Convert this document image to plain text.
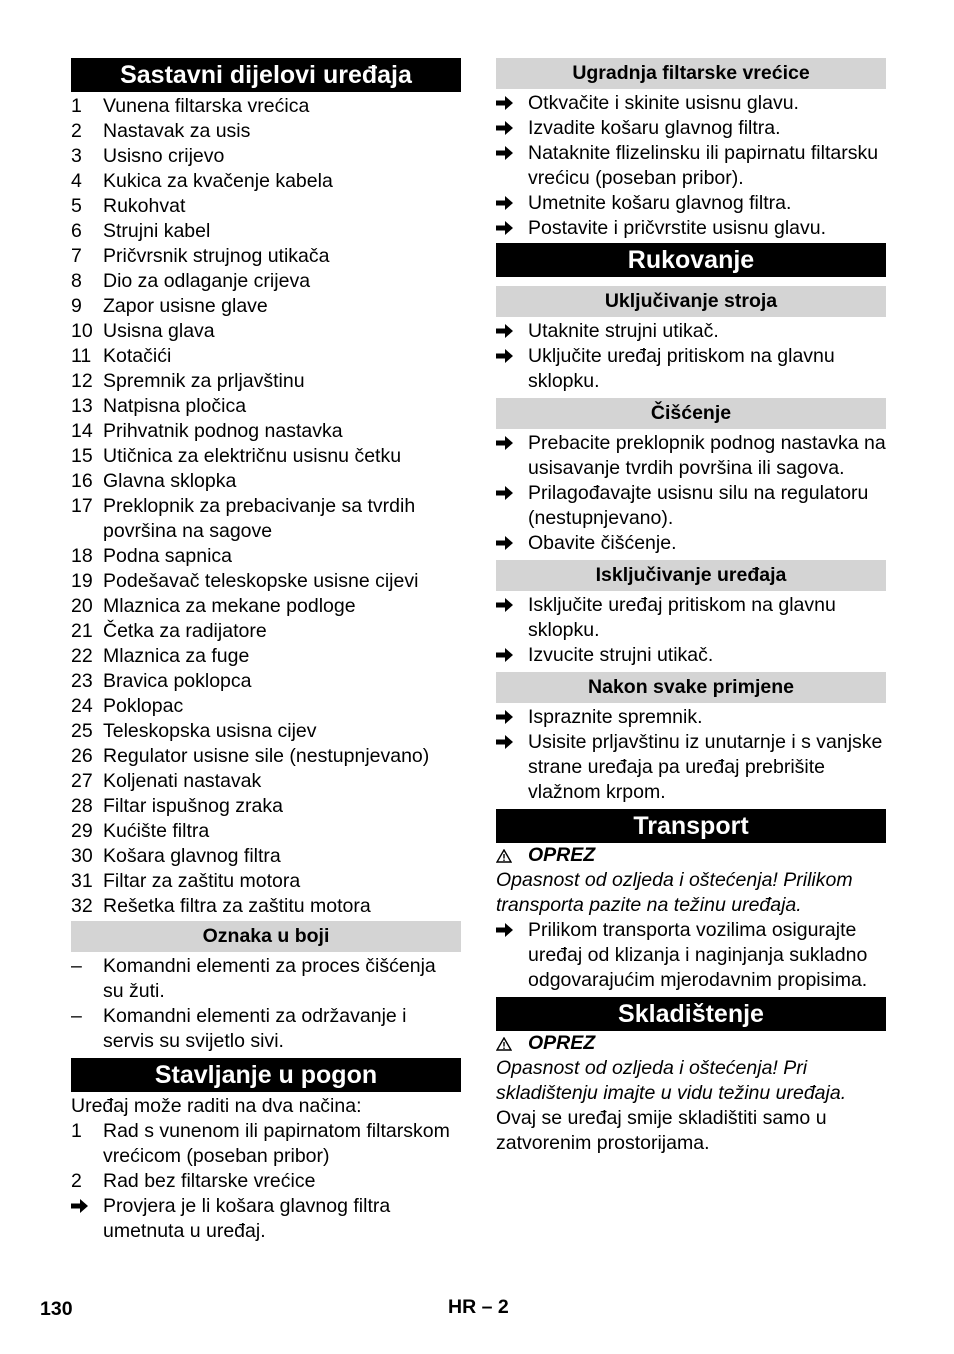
Sastavni dijelovi uređaja
1	Vunena filtarska vrećica
2	Nastavak za usis
3	Usisno crijevo
4	Kukica za kvačenje kabela
5	Rukohvat
6	Strujni kabel
7	Pričvrsnik strujnog utikača
8	Dio za odlaganje crijeva
9	Zapor usisne glave
10 Usisna glava
11 Kotačići
12 Spremnik za prljavštinu
13 Natpisna pločica
14 Prihvatnik podnog nastavka
15 Utičnica za električnu usisnu četku
16 Glavna sklopka
17 Preklopnik za prebacivanje sa tvrdih površina na sagove
18 Podna sapnica
19 Podešavač teleskopske usisne cijevi
20 Mlaznica za mekane podloge
21 Četka za radijatore
22 Mlaznica za fuge
23 Bravica poklopca
24 Poklopac
25 Teleskopska usisna cijev
26 Regulator usisne sile (nestupnjevano)
27 Koljenati nastavak
28 Filtar ispušnog zraka
29 Kućište filtra
30 Košara glavnog filtra
31 Filtar za zaštitu motora
32 Rešetka filtra za zaštitu motora
Oznaka u boji
–	Komandni elementi za proces čišćenja su žuti.
–	Komandni elementi za održavanje i servis su svijetlo sivi.
Stavljanje u pogon
Uređaj može raditi na dva načina:
1	Rad s vunenom ili papirnatom filtarskom vrećicom (poseban pribor)
2	Rad bez filtarske vrećice
Provjera je li košara glavnog filtra umetnuta u uređaj.
Ugradnja filtarske vrećice
Otkvačite i skinite usisnu glavu.
Izvadite košaru glavnog filtra.
Nataknite flizelinsku ili papirnatu filtarsku vrećicu (poseban pribor).
Umetnite košaru glavnog filtra.
Postavite i pričvrstite usisnu glavu.
Rukovanje
Uključivanje stroja
Utaknite strujni utikač.
Uključite uređaj pritiskom na glavnu sklopku.
Čišćenje
Prebacite preklopnik podnog nastavka na usisavanje tvrdih površina ili sagova.
Prilagođavajte usisnu silu na regulatoru (nestupnjevano).
Obavite čišćenje.
Isključivanje uređaja
Isključite uređaj pritiskom na glavnu sklopku.
Izvucite strujni utikač.
Nakon svake primjene
Ispraznite spremnik.
Usisite prljavštinu iz unutarnje i s vanjske strane uređaja pa uređaj prebrišite vlažnom krpom.
Transport
OPREZ
Opasnost od ozljeda i oštećenja! Prilikom transporta pazite na težinu uređaja.
Prilikom transporta vozilima osigurajte uređaj od klizanja i naginjanja sukladno odgovarajućim mjerodavnim propisima.
Skladištenje
OPREZ
Opasnost od ozljeda i oštećenja! Pri skladištenju imajte u vidu težinu uređaja.
Ovaj se uređaj smije skladištiti samo u zatvorenim prostorijama.
130	HR – 2
